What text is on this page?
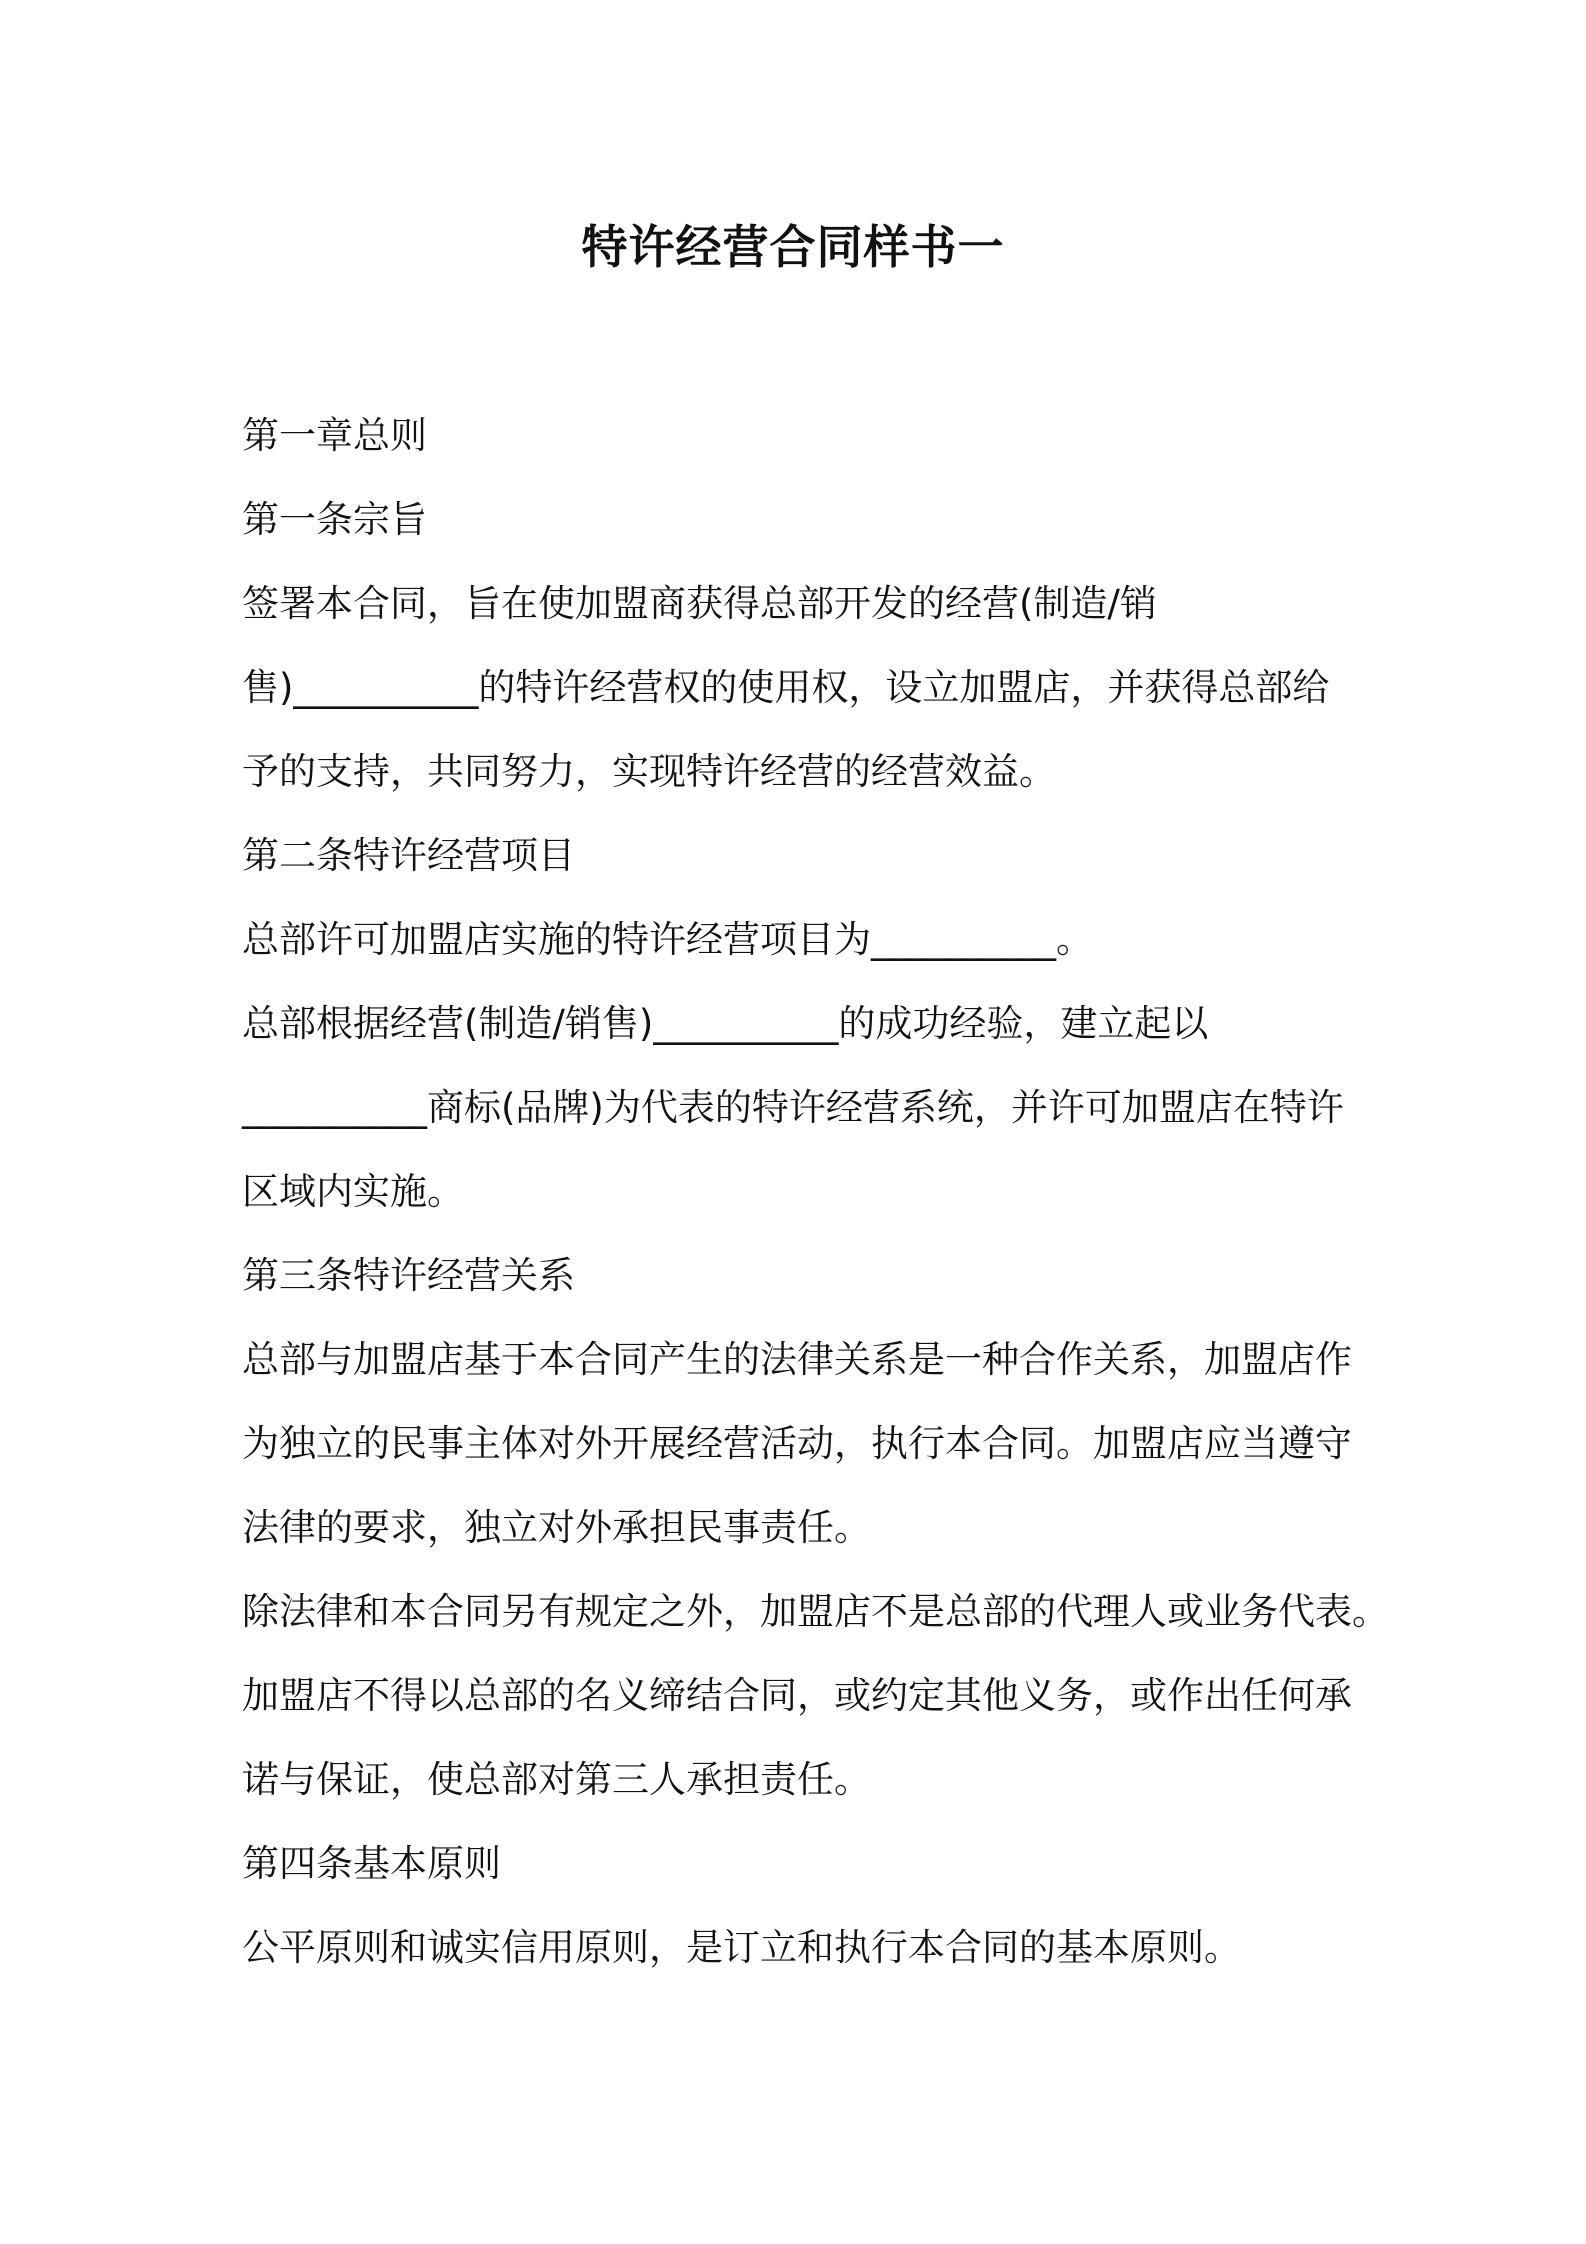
特许经营合同样书一

第一章总则

第一条宗旨

签署本合同，旨在使加盟商获得总部开发的经营(制造/销

售)__________的特许经营权的使用权，设立加盟店，并获得总部给

予的支持，共同努力，实现特许经营的经营效益。

第二条特许经营项目

总部许可加盟店实施的特许经营项目为__________。

总部根据经营(制造/销售)__________的成功经验，建立起以

__________商标(品牌)为代表的特许经营系统，并许可加盟店在特许

区域内实施。

第三条特许经营关系

总部与加盟店基于本合同产生的法律关系是一种合作关系，加盟店作

为独立的民事主体对外开展经营活动，执行本合同。加盟店应当遵守

法律的要求，独立对外承担民事责任。

除法律和本合同另有规定之外，加盟店不是总部的代理人或业务代表。

加盟店不得以总部的名义缔结合同，或约定其他义务，或作出任何承

诺与保证，使总部对第三人承担责任。

第四条基本原则

公平原则和诚实信用原则，是订立和执行本合同的基本原则。
